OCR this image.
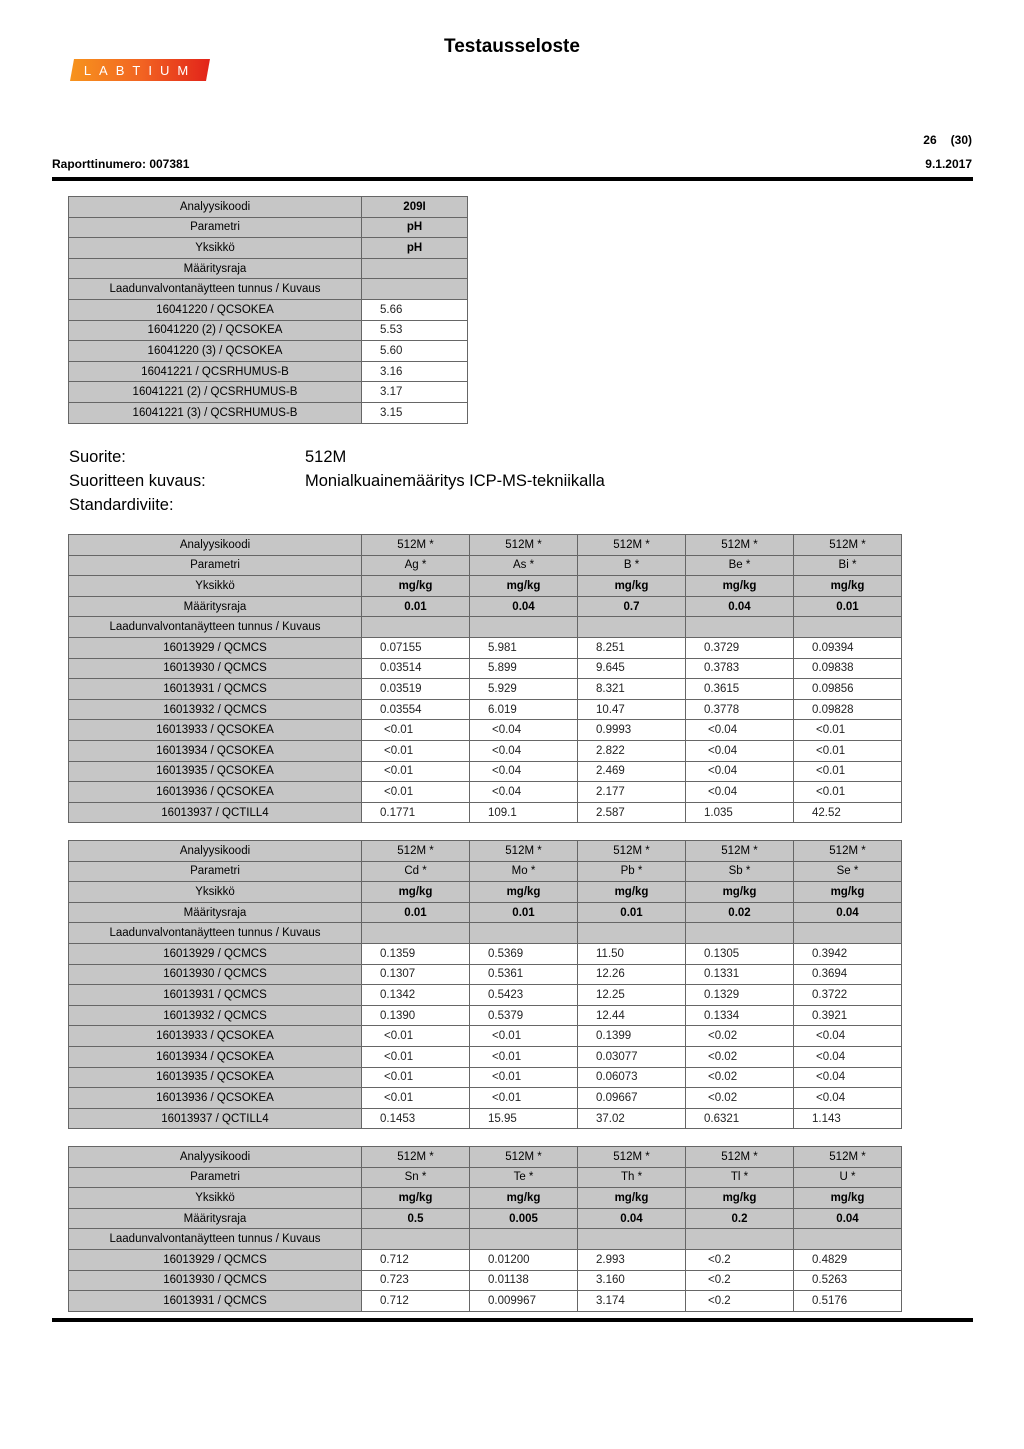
LABTIUM
Testausseloste
26 (30)
Raporttinumero: 007381	9.1.2017
Analyysikoodi	209I
Parametri	pH
Yksikkö	pH
Määritysraja	
Laadunvalvontanäytteen tunnus / Kuvaus	
16041220 / QCSOKEA	5.66
16041220 (2) / QCSOKEA	5.53
16041220 (3) / QCSOKEA	5.60
16041221 / QCSRHUMUS-B	3.16
16041221 (2) / QCSRHUMUS-B	3.17
16041221 (3) / QCSRHUMUS-B	3.15
Suorite:	512M
Suoritteen kuvaus:	Monialkuainemääritys ICP-MS-tekniikalla
Standardiviite:
Analyysikoodi	512M *	512M *	512M *	512M *	512M *
Parametri	Ag *	As *	B *	Be *	Bi *
Yksikkö	mg/kg	mg/kg	mg/kg	mg/kg	mg/kg
Määritysraja	0.01	0.04	0.7	0.04	0.01
Laadunvalvontanäytteen tunnus / Kuvaus					
16013929 / QCMCS	0.07155	5.981	8.251	0.3729	0.09394
16013930 / QCMCS	0.03514	5.899	9.645	0.3783	0.09838
16013931 / QCMCS	0.03519	5.929	8.321	0.3615	0.09856
16013932 / QCMCS	0.03554	6.019	10.47	0.3778	0.09828
16013933 / QCSOKEA	<0.01	<0.04	0.9993	<0.04	<0.01
16013934 / QCSOKEA	<0.01	<0.04	2.822	<0.04	<0.01
16013935 / QCSOKEA	<0.01	<0.04	2.469	<0.04	<0.01
16013936 / QCSOKEA	<0.01	<0.04	2.177	<0.04	<0.01
16013937 / QCTILL4	0.1771	109.1	2.587	1.035	42.52
Analyysikoodi	512M *	512M *	512M *	512M *	512M *
Parametri	Cd *	Mo *	Pb *	Sb *	Se *
Yksikkö	mg/kg	mg/kg	mg/kg	mg/kg	mg/kg
Määritysraja	0.01	0.01	0.01	0.02	0.04
Laadunvalvontanäytteen tunnus / Kuvaus					
16013929 / QCMCS	0.1359	0.5369	11.50	0.1305	0.3942
16013930 / QCMCS	0.1307	0.5361	12.26	0.1331	0.3694
16013931 / QCMCS	0.1342	0.5423	12.25	0.1329	0.3722
16013932 / QCMCS	0.1390	0.5379	12.44	0.1334	0.3921
16013933 / QCSOKEA	<0.01	<0.01	0.1399	<0.02	<0.04
16013934 / QCSOKEA	<0.01	<0.01	0.03077	<0.02	<0.04
16013935 / QCSOKEA	<0.01	<0.01	0.06073	<0.02	<0.04
16013936 / QCSOKEA	<0.01	<0.01	0.09667	<0.02	<0.04
16013937 / QCTILL4	0.1453	15.95	37.02	0.6321	1.143
Analyysikoodi	512M *	512M *	512M *	512M *	512M *
Parametri	Sn *	Te *	Th *	Tl *	U *
Yksikkö	mg/kg	mg/kg	mg/kg	mg/kg	mg/kg
Määritysraja	0.5	0.005	0.04	0.2	0.04
Laadunvalvontanäytteen tunnus / Kuvaus					
16013929 / QCMCS	0.712	0.01200	2.993	<0.2	0.4829
16013930 / QCMCS	0.723	0.01138	3.160	<0.2	0.5263
16013931 / QCMCS	0.712	0.009967	3.174	<0.2	0.5176
